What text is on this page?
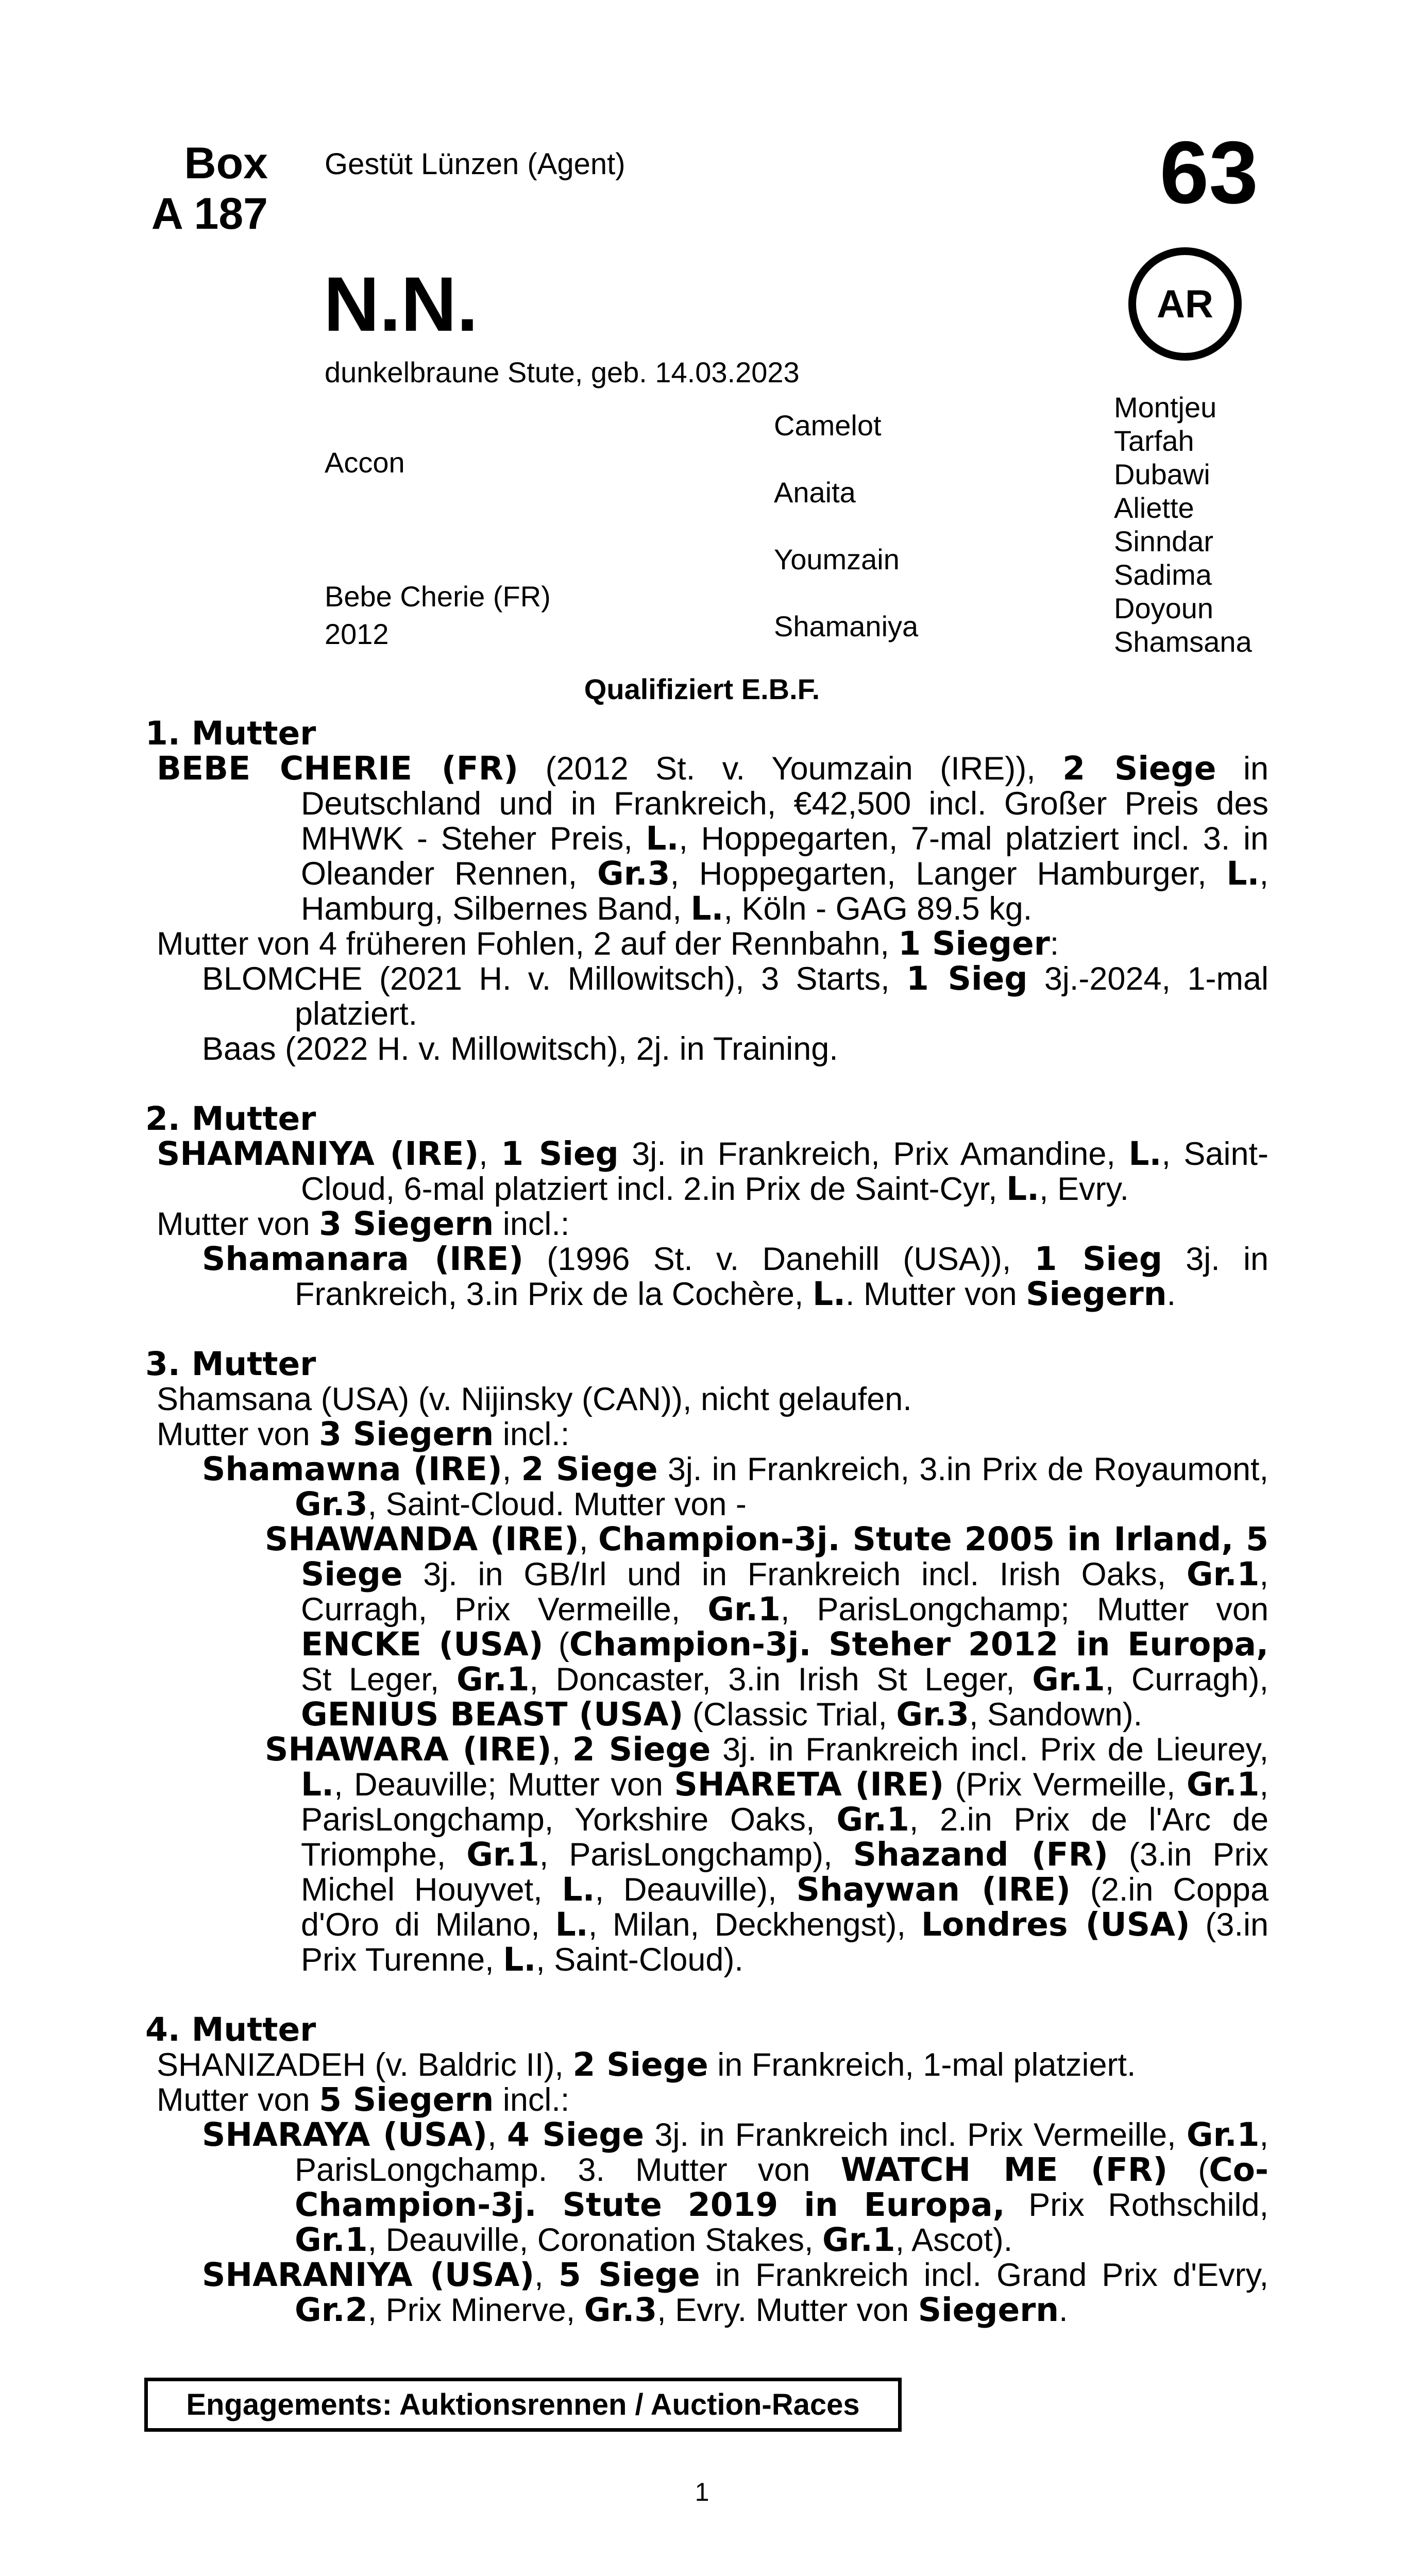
Box
A 187
Gestüt Lünzen (Agent)	63
N.N.	AR
dunkelbraune Stute, geb. 14.03.2023
Accon
Bebe Cherie (FR)
2012
Camelot
Anaita
Youmzain
Shamaniya
Montjeu
Tarfah
Dubawi
Aliette
Sinndar
Sadima
Doyoun
Shamsana
Qualifiziert E.B.F.
1. Mutter

BEBE CHERIE (FR) (2012 St. v. Youmzain (IRE)), 2 Siege in Deutschland und in Frankreich, €42,500 incl. Großer Preis des MHWK - Steher Preis, L., Hoppegarten, 7-mal platziert incl. 3. in Oleander Rennen, Gr.3, Hoppegarten, Langer Hamburger, L., Hamburg, Silbernes Band, L., Köln - GAG 89.5 kg.

Mutter von 4 früheren Fohlen, 2 auf der Rennbahn, 1 Sieger:

BLOMCHE (2021 H. v. Millowitsch), 3 Starts, 1 Sieg 3j.-2024, 1-mal platziert.

Baas (2022 H. v. Millowitsch), 2j. in Training.

2. Mutter

SHAMANIYA (IRE), 1 Sieg 3j. in Frankreich, Prix Amandine, L., Saint-Cloud, 6-mal platziert incl. 2.in Prix de Saint-Cyr, L., Evry.

Mutter von 3 Siegern incl.:

Shamanara (IRE) (1996 St. v. Danehill (USA)), 1 Sieg 3j. in Frankreich, 3.in Prix de la Cochère, L.. Mutter von Siegern.

3. Mutter

Shamsana (USA) (v. Nijinsky (CAN)), nicht gelaufen.

Mutter von 3 Siegern incl.:

Shamawna (IRE), 2 Siege 3j. in Frankreich, 3.in Prix de Royaumont, Gr.3, Saint-Cloud. Mutter von -

SHAWANDA (IRE), Champion-3j. Stute 2005 in Irland, 5 Siege 3j. in GB/Irl und in Frankreich incl. Irish Oaks, Gr.1, Curragh, Prix Vermeille, Gr.1, ParisLongchamp; Mutter von ENCKE (USA) (Champion-3j. Steher 2012 in Europa, St Leger, Gr.1, Doncaster, 3.in Irish St Leger, Gr.1, Curragh), GENIUS BEAST (USA) (Classic Trial, Gr.3, Sandown).

SHAWARA (IRE), 2 Siege 3j. in Frankreich incl. Prix de Lieurey, L., Deauville; Mutter von SHARETA (IRE) (Prix Vermeille, Gr.1, ParisLongchamp, Yorkshire Oaks, Gr.1, 2.in Prix de l'Arc de Triomphe, Gr.1, ParisLongchamp), Shazand (FR) (3.in Prix Michel Houyvet, L., Deauville), Shaywan (IRE) (2.in Coppa d'Oro di Milano, L., Milan, Deckhengst), Londres (USA) (3.in Prix Turenne, L., Saint-Cloud).

4. Mutter

SHANIZADEH (v. Baldric II), 2 Siege in Frankreich, 1-mal platziert.

Mutter von 5 Siegern incl.:

SHARAYA (USA), 4 Siege 3j. in Frankreich incl. Prix Vermeille, Gr.1, ParisLongchamp. 3. Mutter von WATCH ME (FR) (Co-Champion-3j. Stute 2019 in Europa, Prix Rothschild, Gr.1, Deauville, Coronation Stakes, Gr.1, Ascot).

SHARANIYA (USA), 5 Siege in Frankreich incl. Grand Prix d'Evry, Gr.2, Prix Minerve, Gr.3, Evry. Mutter von Siegern.

Engagements: Auktionsrennen / Auction-Races
1
